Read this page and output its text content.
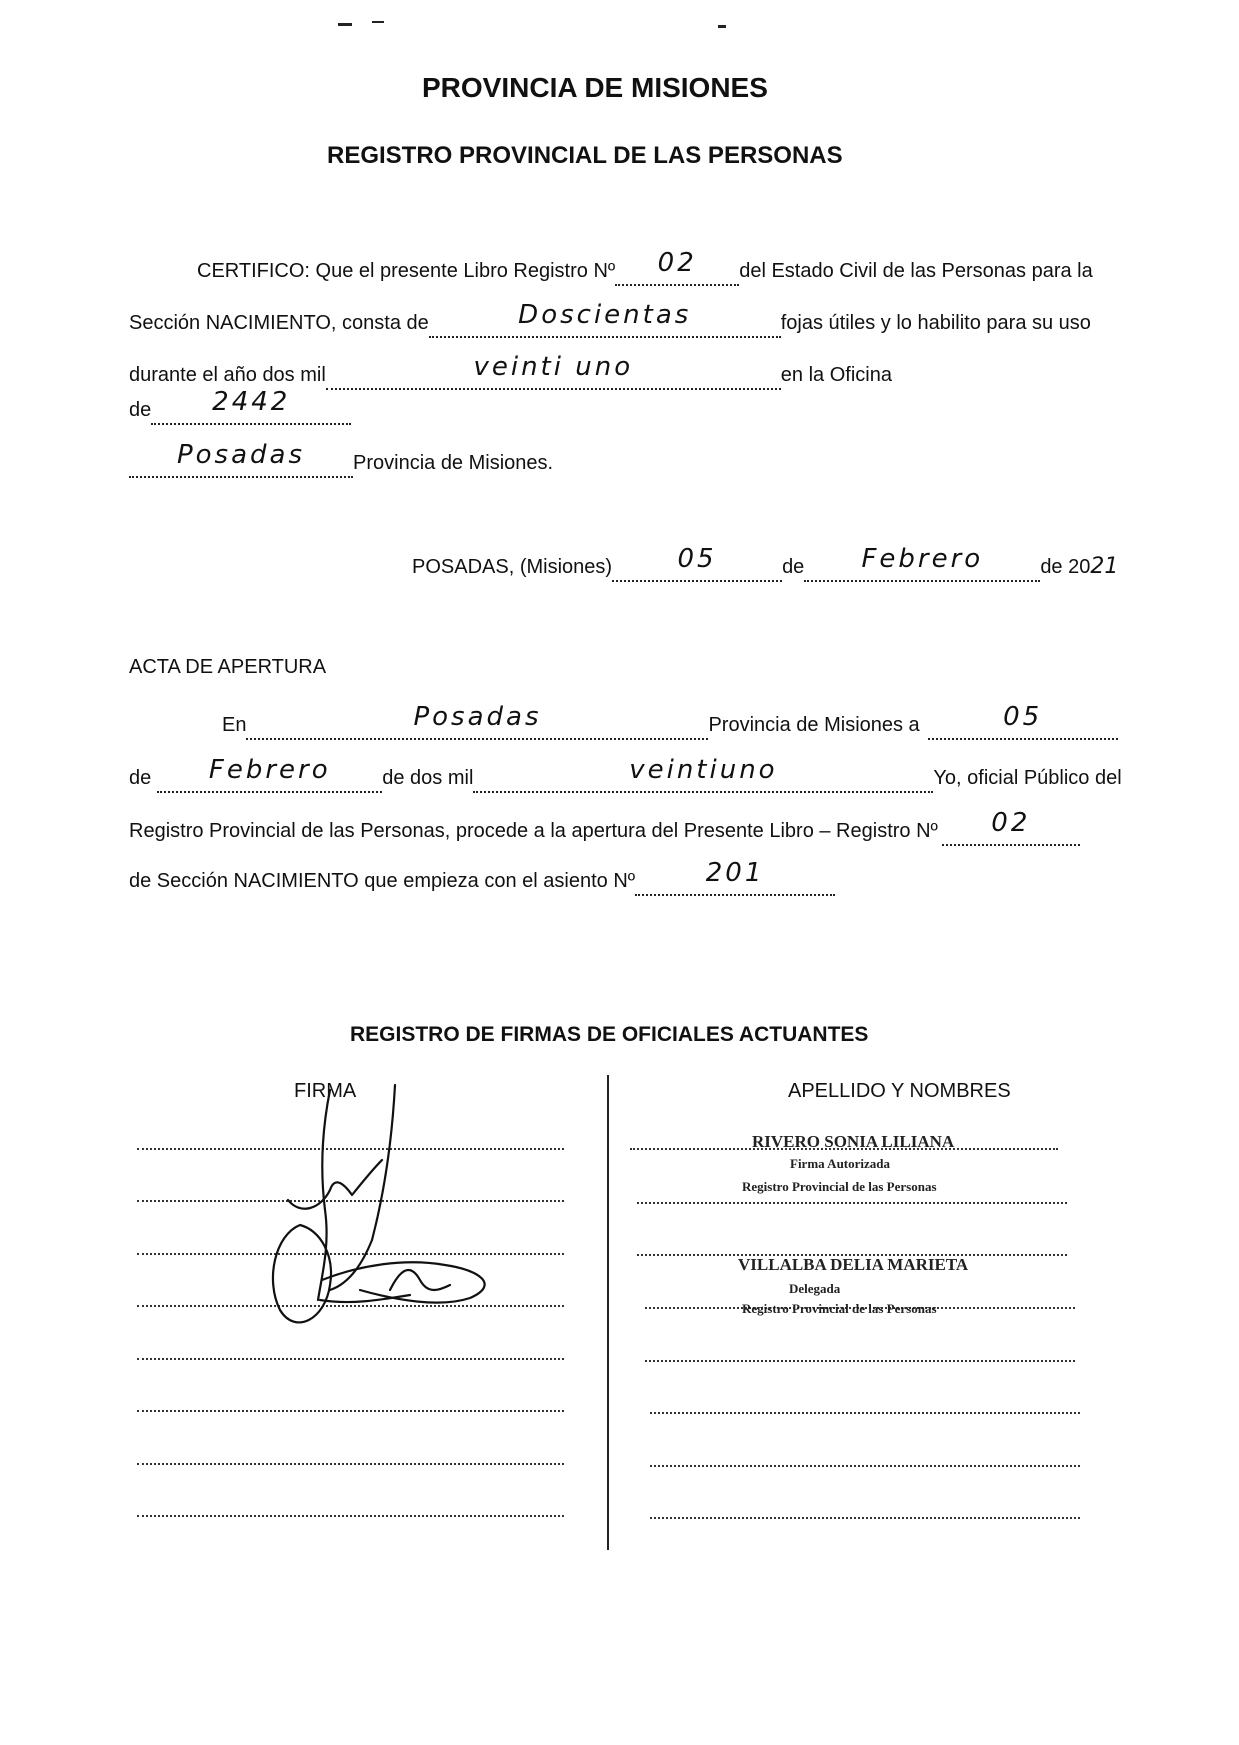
PROVINCIA DE MISIONES
REGISTRO PROVINCIAL DE LAS PERSONAS
CERTIFICO: Que el presente Libro Registro Nº 02 del Estado Civil de las Personas para la
Sección NACIMIENTO, consta de	Doscientas	fojas útiles y lo habilito para su uso
durante el año dos mil	veinti uno	en la Oficina
de 2442
Posadas Provincia de Misiones.
POSADAS, (Misiones)	05	de Febrero	de 2021
ACTA DE APERTURA
En	Posadas	Provincia de Misiones a	05
de Febrero	de dos mil	veintiuno	Yo, oficial Público del
Registro Provincial de las Personas, procede a la apertura del Presente Libro – Registro Nº 02
de Sección NACIMIENTO que empieza con el asiento Nº	201
REGISTRO DE FIRMAS DE OFICIALES ACTUANTES
FIRMA	APELLIDO Y NOMBRES
RIVERO SONIA LILIANA
Firma Autorizada
Registro Provincial de las Personas
VILLALBA DELIA MARIETA
Delegada
Registro Provincial de las Personas
